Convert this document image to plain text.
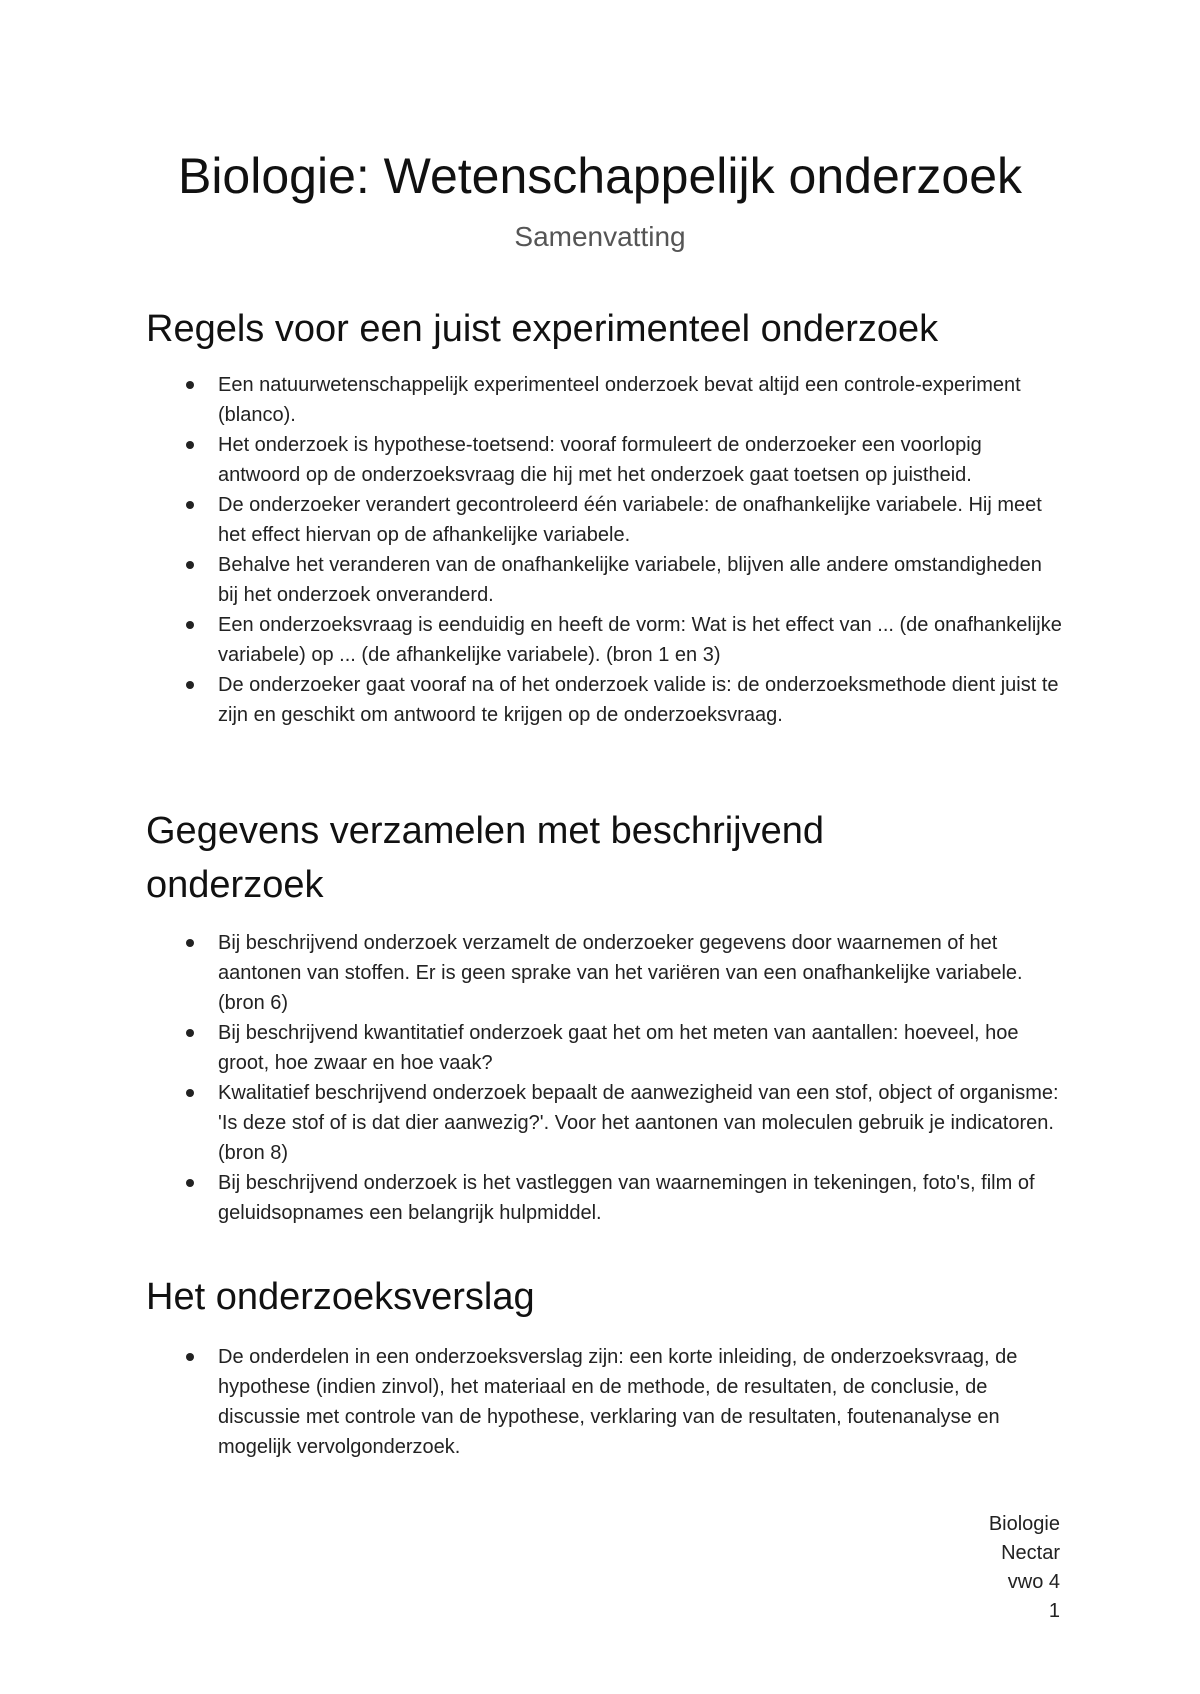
Biologie: Wetenschappelijk onderzoek
Samenvatting
Regels voor een juist experimenteel onderzoek
Een natuurwetenschappelijk experimenteel onderzoek bevat altijd een controle-experiment (blanco).
Het onderzoek is hypothese-toetsend: vooraf formuleert de onderzoeker een voorlopig antwoord op de onderzoeksvraag die hij met het onderzoek gaat toetsen op juistheid.
De onderzoeker verandert gecontroleerd één variabele: de onafhankelijke variabele. Hij meet het effect hiervan op de afhankelijke variabele.
Behalve het veranderen van de onafhankelijke variabele, blijven alle andere omstandigheden bij het onderzoek onveranderd.
Een onderzoeksvraag is eenduidig en heeft de vorm: Wat is het effect van ... (de onafhankelijke variabele) op ... (de afhankelijke variabele). (bron 1 en 3)
De onderzoeker gaat vooraf na of het onderzoek valide is: de onderzoeksmethode dient juist te zijn en geschikt om antwoord te krijgen op de onderzoeksvraag.
Gegevens verzamelen met beschrijvend onderzoek
Bij beschrijvend onderzoek verzamelt de onderzoeker gegevens door waarnemen of het aantonen van stoffen. Er is geen sprake van het variëren van een onafhankelijke variabele. (bron 6)
Bij beschrijvend kwantitatief onderzoek gaat het om het meten van aantallen: hoeveel, hoe groot, hoe zwaar en hoe vaak?
Kwalitatief beschrijvend onderzoek bepaalt de aanwezigheid van een stof, object of organisme: 'Is deze stof of is dat dier aanwezig?'. Voor het aantonen van moleculen gebruik je indicatoren. (bron 8)
Bij beschrijvend onderzoek is het vastleggen van waarnemingen in tekeningen, foto's, film of geluidsopnames een belangrijk hulpmiddel.
Het onderzoeksverslag
De onderdelen in een onderzoeksverslag zijn: een korte inleiding, de onderzoeksvraag, de hypothese (indien zinvol), het materiaal en de methode, de resultaten, de conclusie, de discussie met controle van de hypothese, verklaring van de resultaten, foutenanalyse en mogelijk vervolgonderzoek.
Biologie
Nectar
vwo 4
1
